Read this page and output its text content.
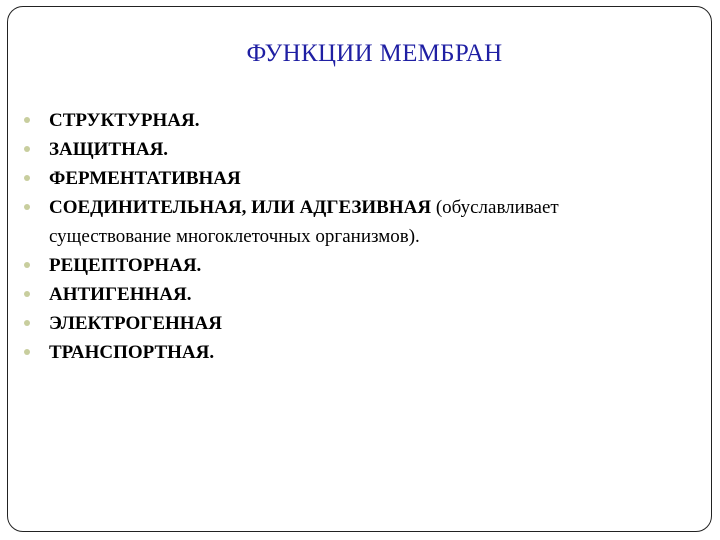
ФУНКЦИИ МЕМБРАН
СТРУКТУРНАЯ.
ЗАЩИТНАЯ.
ФЕРМЕНТАТИВНАЯ
СОЕДИНИТЕЛЬНАЯ, ИЛИ АДГЕЗИВНАЯ (обуславливает
существование многоклеточных организмов).
РЕЦЕПТОРНАЯ.
АНТИГЕННАЯ.
ЭЛЕКТРОГЕННАЯ
ТРАНСПОРТНАЯ.
